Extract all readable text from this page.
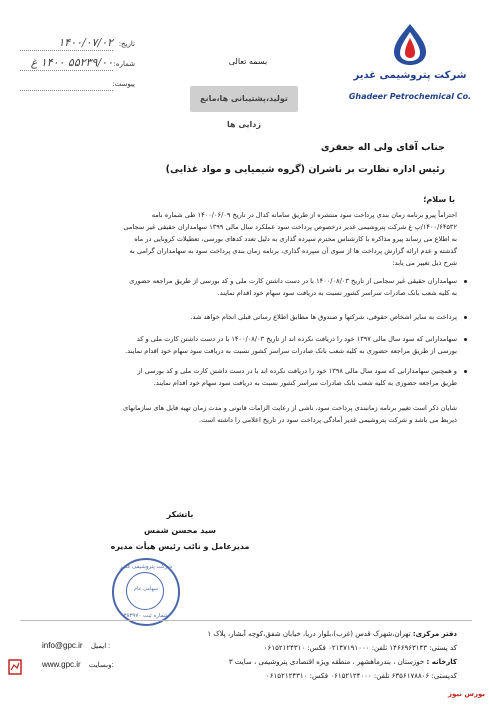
شرکت پتروشیمی غدیر
Ghadeer Petrochemical Co.
بسمه تعالی
تولید،پشتیبانی ها،مانع زدایی ها
تاریخ:
۱۴۰۰/۰۷/۰۲
شماره:
۵۵۲۳۹/۰۰ ۱۴۰۰ غ
پیوست:
جناب آقای ولی اله جعفری
رئیس اداره نظارت بر ناشران (گروه شیمیایی و مواد غذایی)
با سلام؛
احتراماً پیرو برنامه زمان بندی پرداخت سود منتشره از طریق سامانه کدال در تاریخ ۱۴۰۰/۰۶/۰۹ طی شماره نامه
۱۴۰۰/۶۴۵۳۲/پ غ شرکت پتروشیمی غدیر درخصوص پرداخت سود عملکرد سال مالی ۱۳۹۹ سهامداران حقیقی غیر سجامی
به اطلاع می رساند پیرو مذاکره با کارشناس محترم سپرده گذاری به دلیل تعدد کدهای بورسی، تعطیلات کرونایی در ماه
گذشته و عدم ارائه گزارش پرداخت ها از سوی آن سپرده گذاری، برنامه زمان بندی پرداخت سود به سهامداران گرامی به
شرح ذیل تغییر می یابد:
سهامداران حقیقی غیر سجامی از تاریخ ۱۴۰۰/۰۸/۰۳ با در دست داشتن کارت ملی و کد بورسی از طریق مراجعه حضوری
به کلیه شعب بانک صادرات سراسر کشور نسبت به دریافت سود سهام خود اقدام نمایند.
پرداخت به سایر اشخاص حقوقی، شرکتها و صندوق ها مطابق اطلاع رسانی قبلی انجام خواهد شد.
سهامدارانی که سود سال مالی ۱۳۹۷ خود را دریافت نکرده اند از تاریخ ۱۴۰۰/۰۸/۰۳ با در دست داشتن کارت ملی و کد
بورسی از طریق مراجعه حضوری به کلیه شعب بانک صادرات سراسر کشور نسبت به دریافت سود سهام خود اقدام نمایند.
و همچنین سهامدارانی که سود سال مالی ۱۳۹۸ خود را دریافت نکرده اند با در دست داشتن کارت ملی و کد بورسی از
طریق مراجعه حضوری به کلیه شعب بانک صادرات سراسر کشور نسبت به دریافت سود سهام خود اقدام نمایند.
شایان ذکر است تغییر برنامه زمانبندی پرداخت سود، ناشی از رعایت الزامات قانونی و مدت زمان تهیه فایل های سازمانهای
ذیربط می باشد و شرکت پتروشیمی غدیر آمادگی پرداخت سود در تاریخ اعلامی را داشته است.
باتشکر
سید محسن شمس
مدیرعامل و نائب رئیس هیأت مدیره
شرکت پتروشیمی غدیر
سهامی عام
شماره ثبت ۳۸۳۹۷۰
دفتر مرکزی: تهران،شهرک قدس (غرب)،بلوار دریا، خیابان شفق،کوچه آبشار، پلاک ۱
کد پستی: ۱۴۶۶۹۶۳۱۴۳ تلفن: ۰۲۱۴۷۱۹۱۰۰۰ فکس: ۰۶۱۵۲۱۲۴۳۱۰
کارخانه : خوزستان ، بندرماهشهر ، منطقه ویژه اقتصادی پتروشیمی ، سایت ۳
کدپستی: ۶۳۵۶۱۷۸۸۰۶ تلفن: ۰۶۱۵۲۱۲۴۰۰۰ فکس: ۰۶۱۵۲۱۲۴۳۱۰
info@gpc.ir ایمیل :
www.gpc.ir وبسایت:
بورس نیوز
